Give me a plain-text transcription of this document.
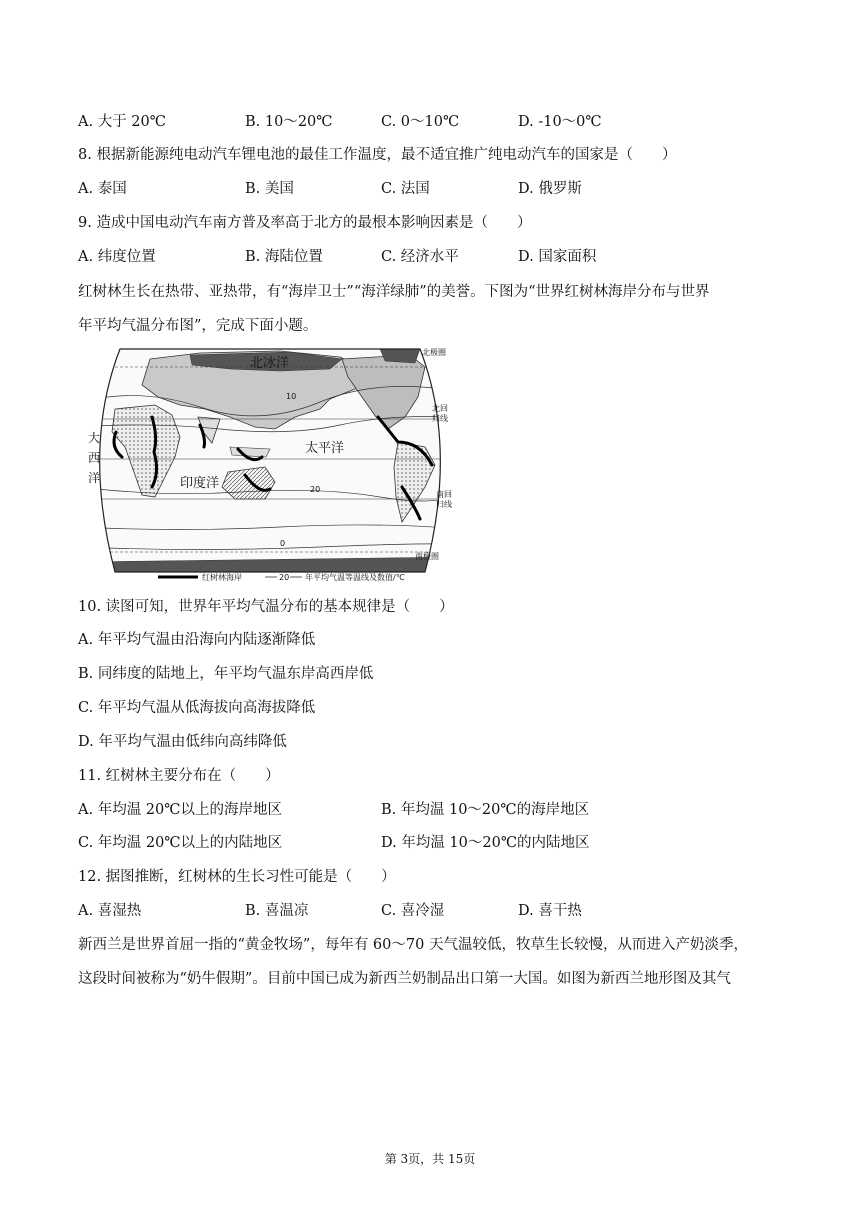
A. 大于 20℃	B. 10～20℃	C. 0～10℃	D. -10～0℃
8. 根据新能源纯电动汽车锂电池的最佳工作温度，最不适宜推广纯电动汽车的国家是（　　）
A. 泰国	B. 美国	C. 法国	D. 俄罗斯
9. 造成中国电动汽车南方普及率高于北方的最根本影响因素是（　　）
A. 纬度位置	B. 海陆位置	C. 经济水平	D. 国家面积
红树林生长在热带、亚热带，有“海岸卫士”“海洋绿肺”的美誉。下图为“世界红树林海岸分布与世界
年平均气温分布图”，完成下面小题。
北冰洋
太平洋
印度洋
大
西
洋
北极圈
北回
归线
南回
归线
南极圈
10
20
0
红树林海岸	20 年平均气温等温线及数值/℃
10. 读图可知，世界年平均气温分布的基本规律是（　　）
A. 年平均气温由沿海向内陆逐渐降低
B. 同纬度的陆地上，年平均气温东岸高西岸低
C. 年平均气温从低海拔向高海拔降低
D. 年平均气温由低纬向高纬降低
11. 红树林主要分布在（　　）
A. 年均温 20℃以上的海岸地区	B. 年均温 10～20℃的海岸地区
C. 年均温 20℃以上的内陆地区	D. 年均温 10～20℃的内陆地区
12. 据图推断，红树林的生长习性可能是（　　）
A. 喜湿热	B. 喜温凉	C. 喜冷湿	D. 喜干热
新西兰是世界首屈一指的“黄金牧场”，每年有 60～70 天气温较低，牧草生长较慢，从而进入产奶淡季，
这段时间被称为“奶牛假期”。目前中国已成为新西兰奶制品出口第一大国。如图为新西兰地形图及其气
第 3页，共 15页
